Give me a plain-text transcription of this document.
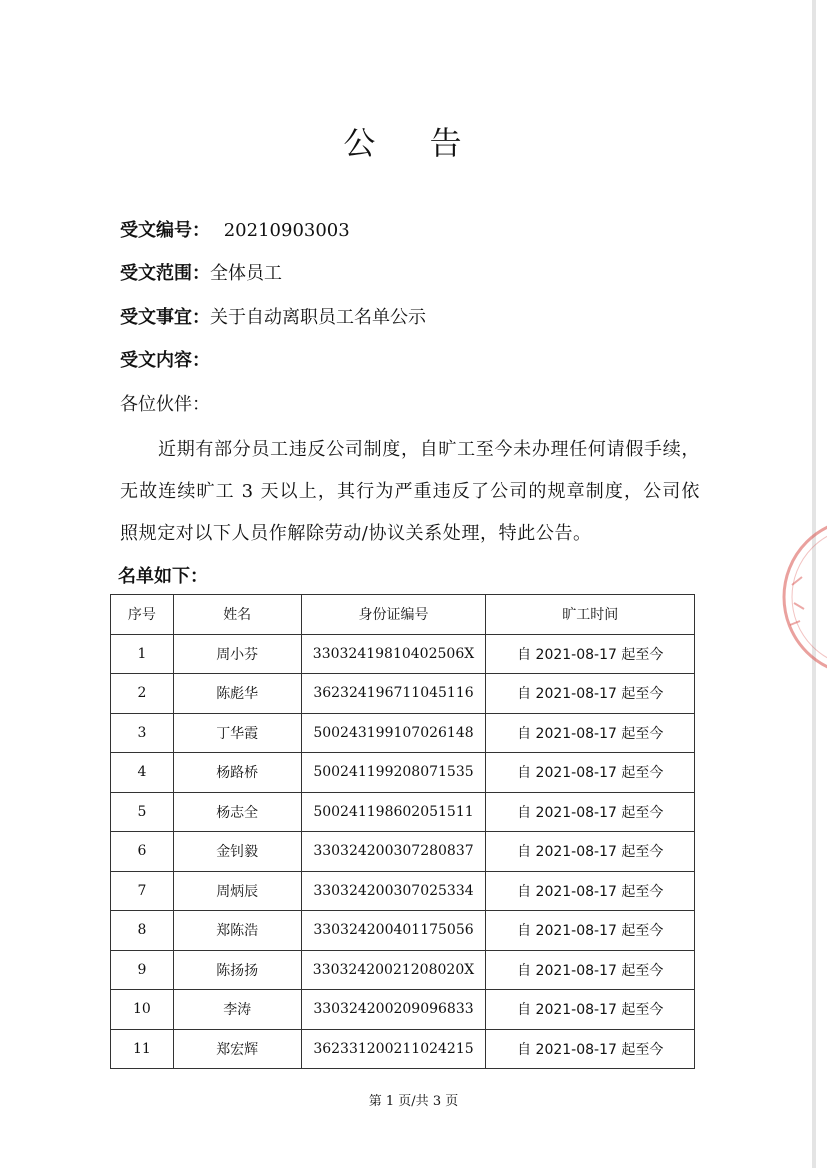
公 告
受文编号： 20210903003
受文范围：全体员工
受文事宜：关于自动离职员工名单公示
受文内容：
各位伙伴：
近期有部分员工违反公司制度，自旷工至今未办理任何请假手续，无故连续旷工 3 天以上，其行为严重违反了公司的规章制度，公司依照规定对以下人员作解除劳动/协议关系处理，特此公告。
名单如下：
序号	姓名	身份证编号	旷工时间
1	周小芬	33032419810402506X	自 2021-08-17 起至今
2	陈彪华	362324196711045116	自 2021-08-17 起至今
3	丁华霞	500243199107026148	自 2021-08-17 起至今
4	杨路桥	500241199208071535	自 2021-08-17 起至今
5	杨志全	500241198602051511	自 2021-08-17 起至今
6	金钊毅	330324200307280837	自 2021-08-17 起至今
7	周炳辰	330324200307025334	自 2021-08-17 起至今
8	郑陈浩	330324200401175056	自 2021-08-17 起至今
9	陈扬扬	33032420021208020X	自 2021-08-17 起至今
10	李涛	330324200209096833	自 2021-08-17 起至今
11	郑宏辉	362331200211024215	自 2021-08-17 起至今
第 1 页/共 3 页
